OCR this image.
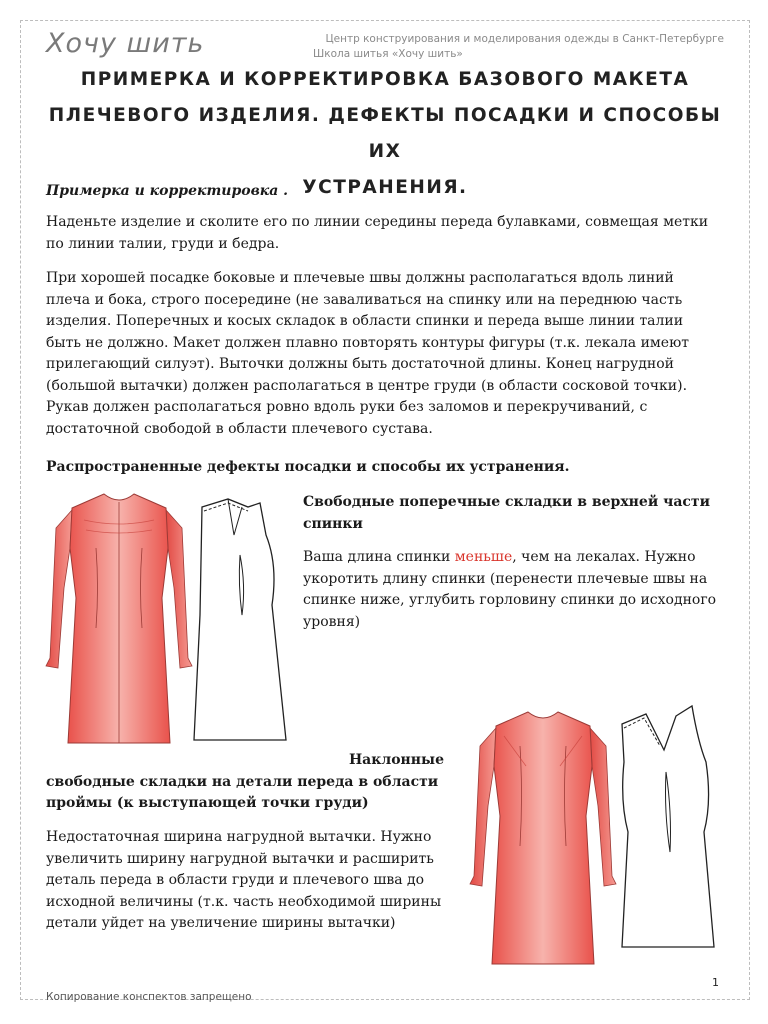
Хочу шить	Центр конструирования и моделирования одежды в Санкт-Петербурге
Школа шитья «Хочу шить»
ПРИМЕРКА И КОРРЕКТИРОВКА БАЗОВОГО МАКЕТА
ПЛЕЧЕВОГО ИЗДЕЛИЯ. ДЕФЕКТЫ ПОСАДКИ И СПОСОБЫ ИХ
УСТРАНЕНИЯ.
Примерка и корректировка .
Наденьте изделие и сколите его по линии середины переда булавками, совмещая метки
по линии талии, груди и бедра.
При хорошей посадке боковые и плечевые швы должны располагаться вдоль линий
плеча и бока, строго посередине (не заваливаться на спинку или на переднюю часть
изделия. Поперечных и косых складок в области спинки и переда выше линии талии
быть не должно. Макет должен плавно повторять контуры фигуры (т.к. лекала имеют
прилегающий силуэт). Выточки должны быть достаточной длины. Конец нагрудной
(большой вытачки) должен располагаться в центре груди (в области сосковой точки).
Рукав должен располагаться ровно вдоль руки без заломов и перекручиваний, с
достаточной свободой в области плечевого сустава.
Распространенные дефекты посадки и способы их устранения.
Свободные поперечные складки в верхней части
спинки
Ваша длина спинки меньше, чем на лекалах. Нужно
укоротить длину спинки (перенести плечевые швы на
спинке ниже, углубить горловину спинки до исходного
уровня)
Наклонные
свободные складки на детали переда в области
проймы (к выступающей точки груди)
Недостаточная ширина нагрудной вытачки. Нужно
увеличить ширину нагрудной вытачки и расширить
деталь переда в области груди и плечевого шва до
исходной величины (т.к. часть необходимой ширины
детали уйдет на увеличение ширины вытачки)
1
Копирование конспектов запрещено
